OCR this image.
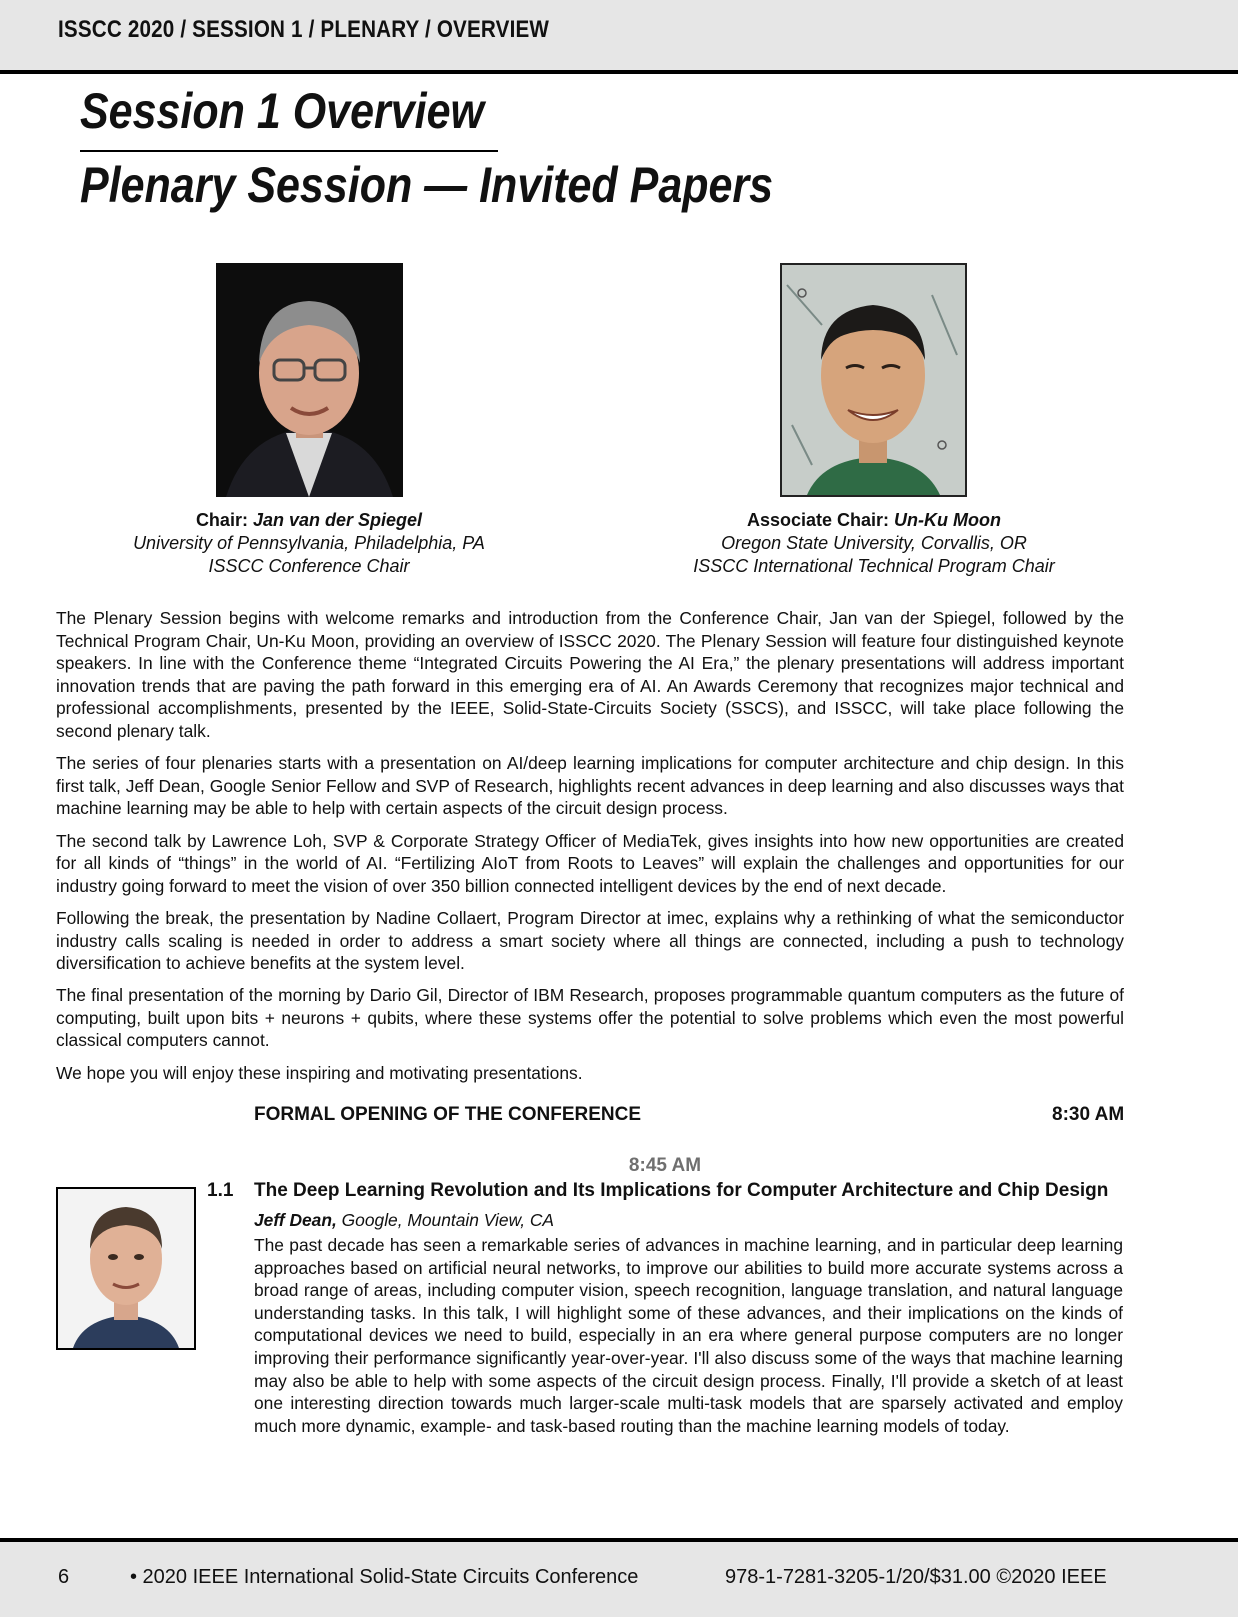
ISSCC 2020 / SESSION 1 / PLENARY / OVERVIEW
Session 1 Overview
Plenary Session — Invited Papers
Chair: Jan van der Spiegel
University of Pennsylvania, Philadelphia, PA
ISSCC Conference Chair
Associate Chair: Un-Ku Moon
Oregon State University, Corvallis, OR
ISSCC International Technical Program Chair

The Plenary Session begins with welcome remarks and introduction from the Conference Chair, Jan van der Spiegel, followed by the Technical Program Chair, Un-Ku Moon, providing an overview of ISSCC 2020. The Plenary Session will feature four distinguished keynote speakers. In line with the Conference theme “Integrated Circuits Powering the AI Era,” the plenary presentations will address important innovation trends that are paving the path forward in this emerging era of AI. An Awards Ceremony that recognizes major technical and professional accomplishments, presented by the IEEE, Solid-State-Circuits Society (SSCS), and ISSCC, will take place following the second plenary talk.

The series of four plenaries starts with a presentation on AI/deep learning implications for computer architecture and chip design. In this first talk, Jeff Dean, Google Senior Fellow and SVP of Research, highlights recent advances in deep learning and also discusses ways that machine learning may be able to help with certain aspects of the circuit design process.

The second talk by Lawrence Loh, SVP & Corporate Strategy Officer of MediaTek, gives insights into how new opportunities are created for all kinds of “things” in the world of AI. “Fertilizing AIoT from Roots to Leaves” will explain the challenges and opportunities for our industry going forward to meet the vision of over 350 billion connected intelligent devices by the end of next decade.

Following the break, the presentation by Nadine Collaert, Program Director at imec, explains why a rethinking of what the semiconductor industry calls scaling is needed in order to address a smart society where all things are connected, including a push to technology diversification to achieve benefits at the system level.

The final presentation of the morning by Dario Gil, Director of IBM Research, proposes programmable quantum computers as the future of computing, built upon bits + neurons + qubits, where these systems offer the potential to solve problems which even the most powerful classical computers cannot.

We hope you will enjoy these inspiring and motivating presentations.

FORMAL OPENING OF THE CONFERENCE	8:30 AM
8:45 AM
1.1 The Deep Learning Revolution and Its Implications for Computer Architecture and Chip Design
Jeff Dean, Google, Mountain View, CA
The past decade has seen a remarkable series of advances in machine learning, and in particular deep learning approaches based on artificial neural networks, to improve our abilities to build more accurate systems across a broad range of areas, including computer vision, speech recognition, language translation, and natural language understanding tasks. In this talk, I will highlight some of these advances, and their implications on the kinds of computational devices we need to build, especially in an era where general purpose computers are no longer improving their performance significantly year-over-year. I'll also discuss some of the ways that machine learning may also be able to help with some aspects of the circuit design process. Finally, I'll provide a sketch of at least one interesting direction towards much larger-scale multi-task models that are sparsely activated and employ much more dynamic, example- and task-based routing than the machine learning models of today.
6	• 2020 IEEE International Solid-State Circuits Conference	978-1-7281-3205-1/20/$31.00 ©2020 IEEE
